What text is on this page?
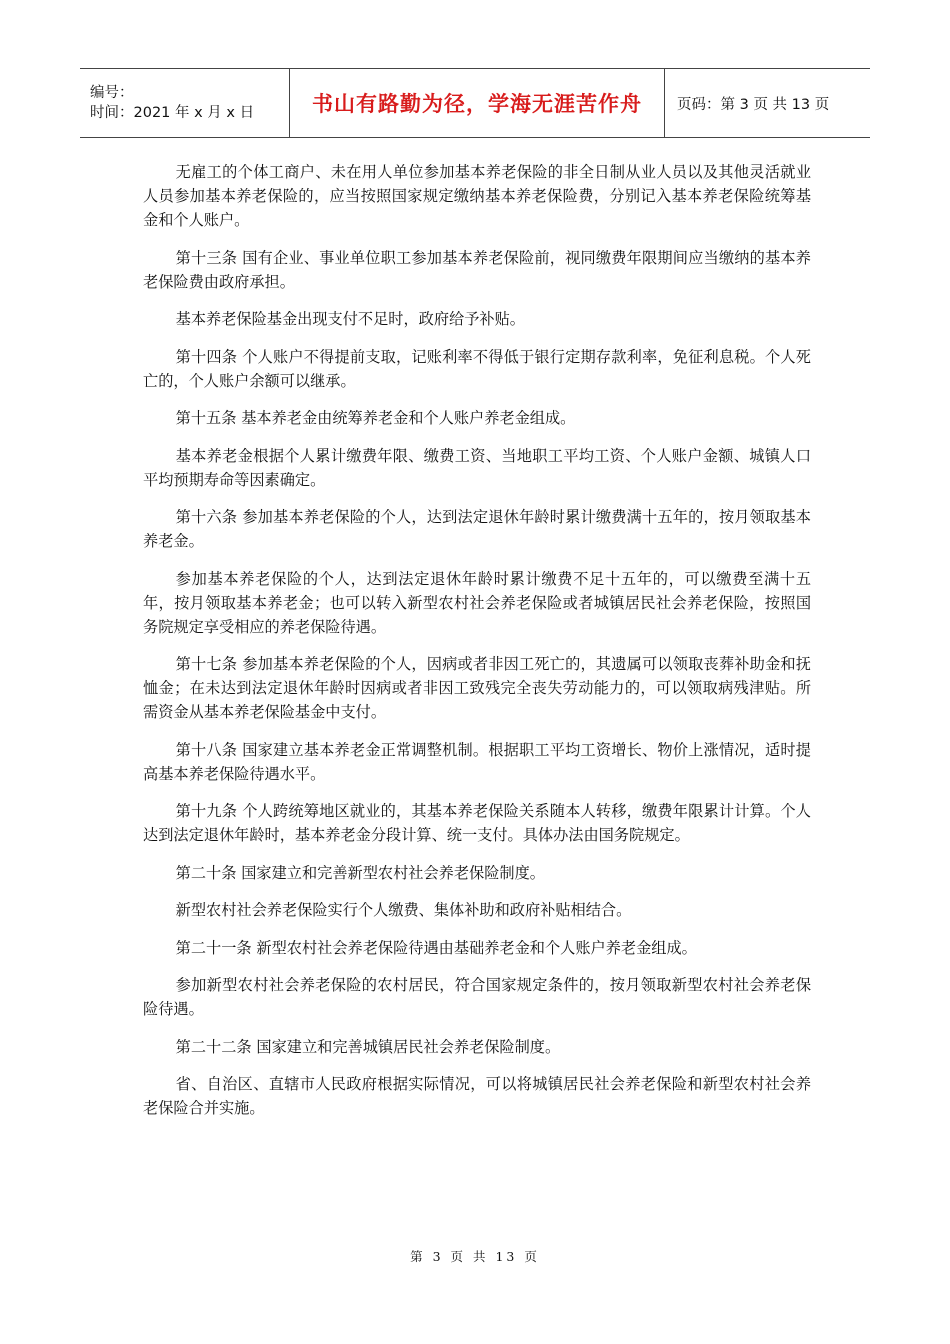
编号：
时间：2021 年 x 月 x 日	书山有路勤为径，学海无涯苦作舟 页码：第 3 页 共 13 页

无雇工的个体工商户、未在用人单位参加基本养老保险的非全日制从业人员以及其他灵活就业人员参加基本养老保险的，应当按照国家规定缴纳基本养老保险费，分别记入基本养老保险统筹基金和个人账户。

第十三条 国有企业、事业单位职工参加基本养老保险前，视同缴费年限期间应当缴纳的基本养老保险费由政府承担。

基本养老保险基金出现支付不足时，政府给予补贴。

第十四条 个人账户不得提前支取，记账利率不得低于银行定期存款利率，免征利息税。个人死亡的，个人账户余额可以继承。

第十五条 基本养老金由统筹养老金和个人账户养老金组成。

基本养老金根据个人累计缴费年限、缴费工资、当地职工平均工资、个人账户金额、城镇人口平均预期寿命等因素确定。

第十六条 参加基本养老保险的个人，达到法定退休年龄时累计缴费满十五年的，按月领取基本养老金。

参加基本养老保险的个人，达到法定退休年龄时累计缴费不足十五年的，可以缴费至满十五年，按月领取基本养老金；也可以转入新型农村社会养老保险或者城镇居民社会养老保险，按照国务院规定享受相应的养老保险待遇。

第十七条 参加基本养老保险的个人，因病或者非因工死亡的，其遗属可以领取丧葬补助金和抚恤金；在未达到法定退休年龄时因病或者非因工致残完全丧失劳动能力的，可以领取病残津贴。所需资金从基本养老保险基金中支付。

第十八条 国家建立基本养老金正常调整机制。根据职工平均工资增长、物价上涨情况，适时提高基本养老保险待遇水平。

第十九条 个人跨统筹地区就业的，其基本养老保险关系随本人转移，缴费年限累计计算。个人达到法定退休年龄时，基本养老金分段计算、统一支付。具体办法由国务院规定。

第二十条 国家建立和完善新型农村社会养老保险制度。

新型农村社会养老保险实行个人缴费、集体补助和政府补贴相结合。

第二十一条 新型农村社会养老保险待遇由基础养老金和个人账户养老金组成。

参加新型农村社会养老保险的农村居民，符合国家规定条件的，按月领取新型农村社会养老保险待遇。

第二十二条 国家建立和完善城镇居民社会养老保险制度。

省、自治区、直辖市人民政府根据实际情况，可以将城镇居民社会养老保险和新型农村社会养老保险合并实施。

第 3 页 共 13 页
